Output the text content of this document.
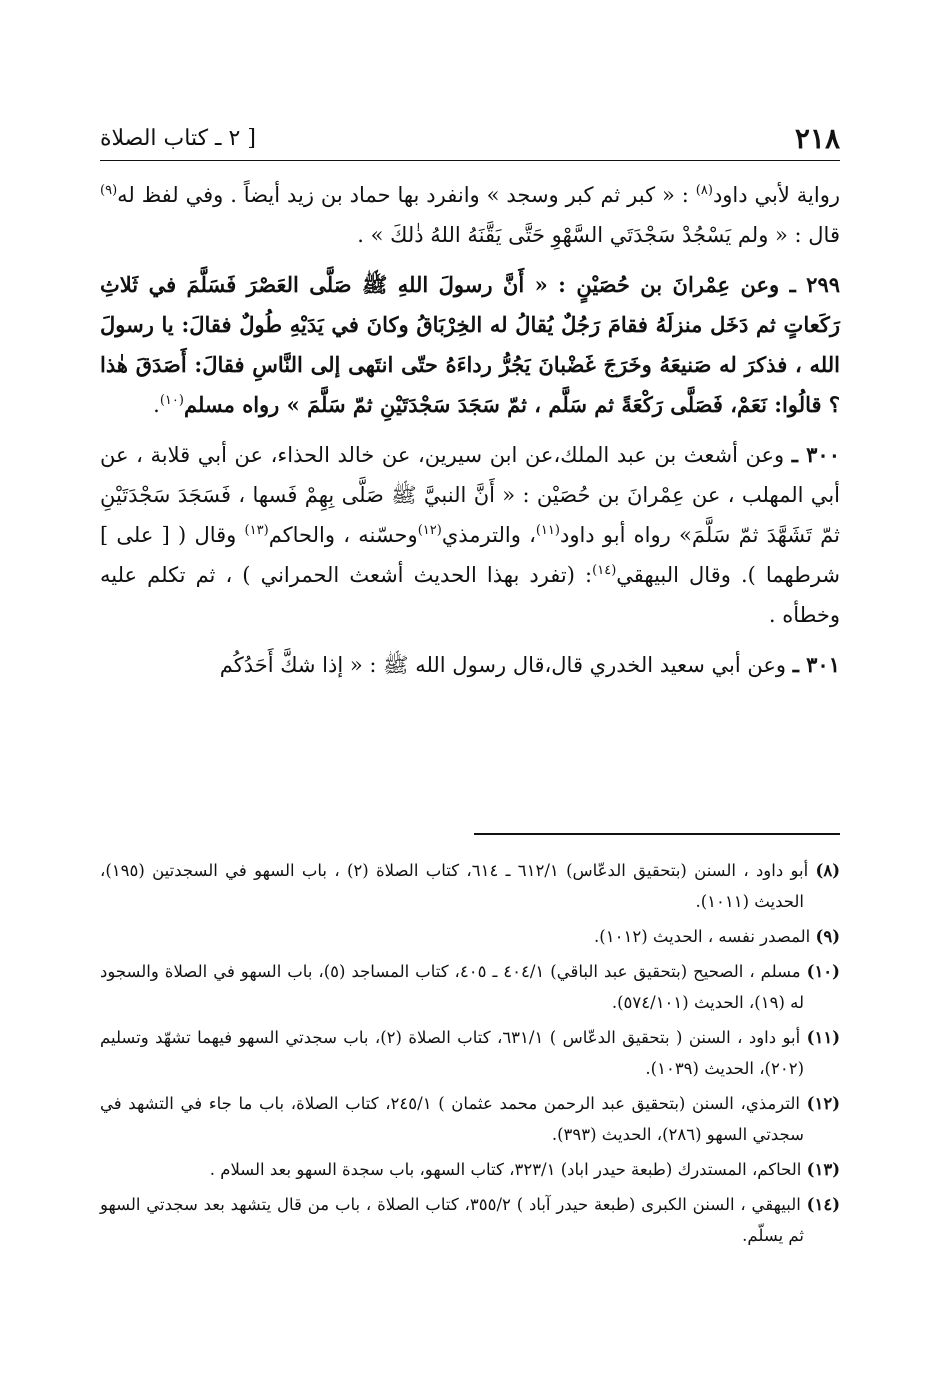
٢١٨
[ ٢ ـ كتاب الصلاة

رواية لأبي داود$^{(٨)}$ : « كبر ثم كبر وسجد » وانفرد بها حماد بن زيد أيضاً . وفي لفظ له$^{(٩)}$ قال : « ولم يَسْجُدْ سَجْدَتَي السَّهْوِ حَتَّى يَقَّنَهُ اللهُ ذٰلكَ » .

٢٩٩ ـ وعن عِمْرانَ بن حُصَيْنٍ : « أَنَّ رسولَ اللهِ ﷺ صَلَّى العَصْرَ فَسَلَّمَ في ثَلاثِ رَكَعاتٍ ثم دَخَل منزلَهُ فقامَ رَجُلٌ يُقالُ له الخِرْبَاقُ وكانَ في يَدَيْهِ طُولٌ فقالَ: يا رسولَ الله ، فذكرَ له صَنيعَهُ وخَرَجَ غَضْبانَ يَجُرُّ رداءَهُ حتّى انتَهى إلى النَّاسِ فقالَ: أَصَدَقَ هٰذا ؟ قالُوا: نَعَمْ، فَصَلَّى رَكْعَةً ثم سَلَّم ، ثمّ سَجَدَ سَجْدَتَيْنِ ثمّ سَلَّمَ » رواه مسلم$^{(١٠)}$.

٣٠٠ ـ وعن أشعث بن عبد الملك،عن ابن سيرين، عن خالد الحذاء، عن أبي قلابة ، عن أبي المهلب ، عن عِمْرانَ بن حُصَيْن : « أَنَّ النبيَّ ﷺ صَلَّى بِهِمْ فَسها ، فَسَجَدَ سَجْدَتَيْنِ ثمّ تَشَهَّدَ ثمّ سَلَّمَ» رواه أبو داود$^{(١١)}$، والترمذي$^{(١٢)}$وحسّنه ، والحاكم$^{(١٣)}$ وقال ( [ على ] شرطهما ). وقال البيهقي$^{(١٤)}$: (تفرد بهذا الحديث أشعث الحمراني ) ، ثم تكلم عليه وخطأه .

٣٠١ ـ وعن أبي سعيد الخدري قال،قال رسول الله ﷺ : « إذا شكَّ أَحَدُكُم

(٨) أبو داود ، السنن (بتحقيق الدعّاس) ٦١٢/١ ـ ٦١٤، كتاب الصلاة (٢) ، باب السهو في السجدتين (١٩٥)، الحديث (١٠١١).
(٩) المصدر نفسه ، الحديث (١٠١٢).
(١٠) مسلم ، الصحيح (بتحقيق عبد الباقي) ٤٠٤/١ ـ ٤٠٥، كتاب المساجد (٥)، باب السهو في الصلاة والسجود له (١٩)، الحديث (٥٧٤/١٠١).
(١١) أبو داود ، السنن ( بتحقيق الدعّاس ) ٦٣١/١، كتاب الصلاة (٢)، باب سجدتي السهو فيهما تشهّد وتسليم (٢٠٢)، الحديث (١٠٣٩).
(١٢) الترمذي، السنن (بتحقيق عبد الرحمن محمد عثمان ) ٢٤٥/١، كتاب الصلاة، باب ما جاء في التشهد في سجدتي السهو (٢٨٦)، الحديث (٣٩٣).
(١٣) الحاكم، المستدرك (طبعة حيدر اباد) ٣٢٣/١، كتاب السهو، باب سجدة السهو بعد السلام .
(١٤) البيهقي ، السنن الكبرى (طبعة حيدر آباد ) ٣٥٥/٢، كتاب الصلاة ، باب من قال يتشهد بعد سجدتي السهو ثم يسلّم.
